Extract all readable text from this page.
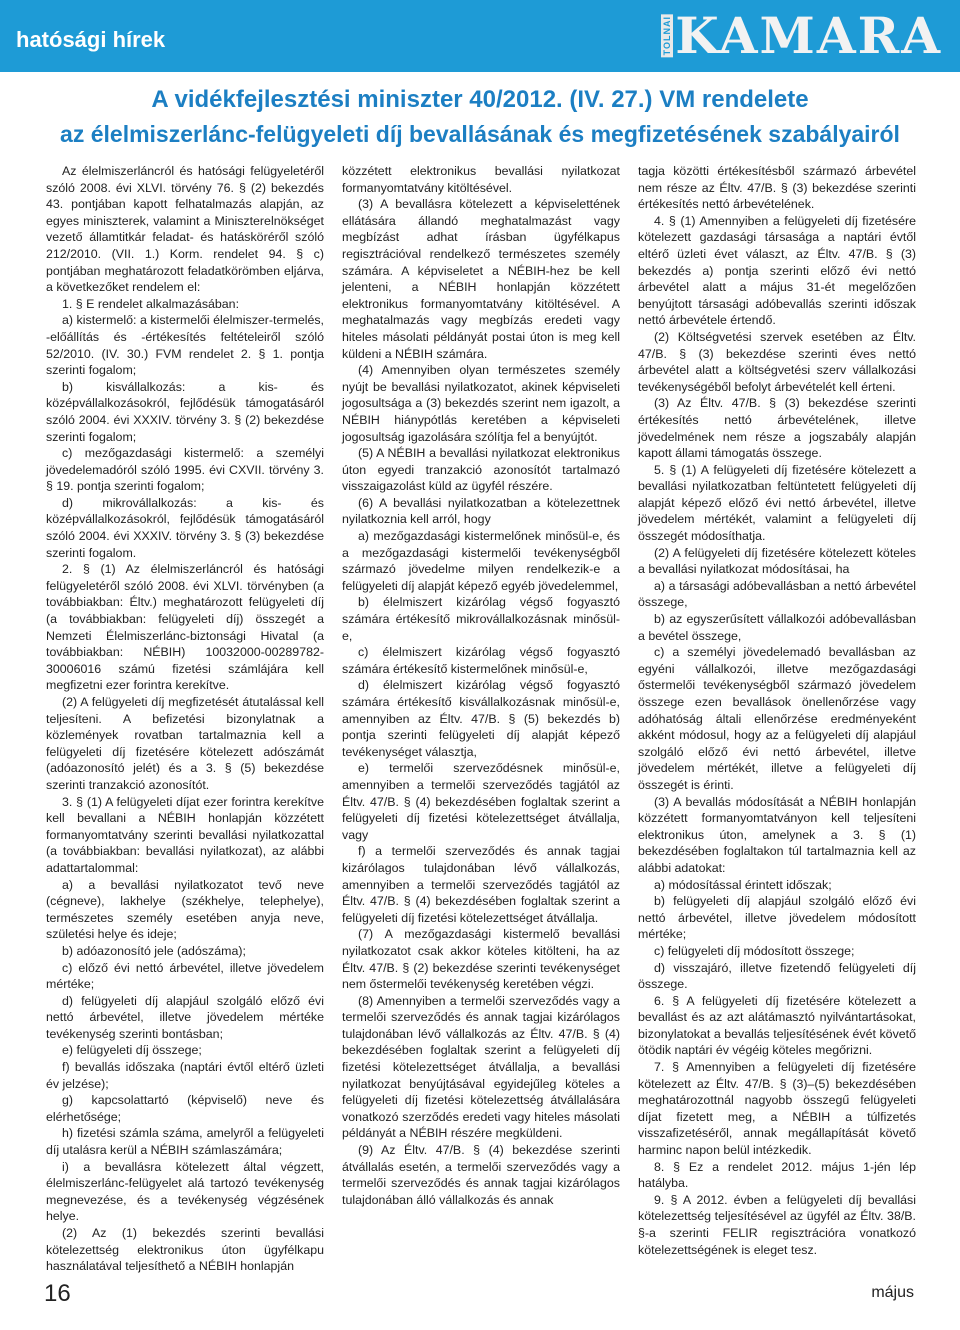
hatósági hírek	TOLNAI KAMARA
A vidékfejlesztési miniszter 40/2012. (IV. 27.) VM rendelete
az élelmiszerlánc-felügyeleti díj bevallásának és megfizetésének szabályairól

Az élelmiszerláncról és hatósági felügyeletéről szóló 2008. évi XLVI. törvény 76. § (2) bekezdés 43. pontjában kapott felhatalmazás alapján, az egyes miniszterek, valamint a Miniszterelnökséget vezető államtitkár feladat- és hatásköréről szóló 212/2010. (VII. 1.) Korm. rendelet 94. § c) pontjában meghatározott feladatkörömben eljárva, a következőket rendelem el:

1. § E rendelet alkalmazásában:

a) kistermelő: a kistermelői élelmiszer-termelés, -előállítás és -értékesítés feltételeiről szóló 52/2010. (IV. 30.) FVM rendelet 2. § 1. pontja szerinti fogalom;

b) kisvállalkozás: a kis- és középvállalkozásokról, fejlődésük támogatásáról szóló 2004. évi XXXIV. törvény 3. § (2) bekezdése szerinti fogalom;

c) mezőgazdasági kistermelő: a személyi jövedelemadóról szóló 1995. évi CXVII. törvény 3. § 19. pontja szerinti fogalom;

d) mikrovállalkozás: a kis- és középvállalkozásokról, fejlődésük támogatásáról szóló 2004. évi XXXIV. törvény 3. § (3) bekezdése szerinti fogalom.

2. § (1) Az élelmiszerláncról és hatósági felügyeletéről szóló 2008. évi XLVI. törvényben (a továbbiakban: Éltv.) meghatározott felügyeleti díj (a továbbiakban: felügyeleti díj) összegét a Nemzeti Élelmiszerlánc-biztonsági Hivatal (a továbbiakban: NÉBIH) 10032000-00289782-30006016 számú fizetési számlájára kell megfizetni ezer forintra kerekítve.

(2) A felügyeleti díj megfizetését átutalással kell teljesíteni. A befizetési bizonylatnak a közlemények rovatban tartalmaznia kell a felügyeleti díj fizetésére kötelezett adószámát (adóazonosító jelét) és a 3. § (5) bekezdése szerinti tranzakció azonosítót.

3. § (1) A felügyeleti díjat ezer forintra kerekítve kell bevallani a NÉBIH honlapján közzétett formanyomtatvány szerinti bevallási nyilatkozattal (a továbbiakban: bevallási nyilatkozat), az alábbi adattartalommal:

a) a bevallási nyilatkozatot tevő neve (cégneve), lakhelye (székhelye, telephelye), természetes személy esetében anyja neve, születési helye és ideje;

b) adóazonosító jele (adószáma);

c) előző évi nettó árbevétel, illetve jövedelem mértéke;

d) felügyeleti díj alapjául szolgáló előző évi nettó árbevétel, illetve jövedelem mértéke tevékenység szerinti bontásban;

e) felügyeleti díj összege;

f) bevallás időszaka (naptári évtől eltérő üzleti év jelzése);

g) kapcsolattartó (képviselő) neve és elérhetősége;

h) fizetési számla száma, amelyről a felügyeleti díj utalásra kerül a NÉBIH számlaszámára;

i) a bevallásra kötelezett által végzett, élelmiszerlánc-felügyelet alá tartozó tevékenység megnevezése, és a tevékenység végzésének helye.

(2) Az (1) bekezdés szerinti bevallási kötelezettség elektronikus úton ügyfélkapu használatával teljesíthető a NÉBIH honlapján

közzétett elektronikus bevallási nyilatkozat formanyomtatvány kitöltésével.

(3) A bevallásra kötelezett a képviselettének ellátására állandó meghatalmazást vagy megbízást adhat írásban ügyfélkapus regisztrációval rendelkező természetes személy számára. A képviseletet a NÉBIH-hez be kell jelenteni, a NÉBIH honlapján közzétett elektronikus formanyomtatvány kitöltésével. A meghatalmazás vagy megbízás eredeti vagy hiteles másolati példányát postai úton is meg kell küldeni a NÉBIH számára.

(4) Amennyiben olyan természetes személy nyújt be bevallási nyilatkozatot, akinek képviseleti jogosultsága a (3) bekezdés szerint nem igazolt, a NÉBIH hiánypótlás keretében a képviseleti jogosultság igazolására szólítja fel a benyújtót.

(5) A NÉBIH a bevallási nyilatkozat elektronikus úton egyedi tranzakció azonosítót tartalmazó visszaigazolást küld az ügyfél részére.

(6) A bevallási nyilatkozatban a kötelezettnek nyilatkoznia kell arról, hogy

a) mezőgazdasági kistermelőnek minősül-e, és a mezőgazdasági kistermelői tevékenységből származó jövedelme milyen rendelkezik-e a felügyeleti díj alapját képező egyéb jövedelemmel,

b) élelmiszert kizárólag végső fogyasztó számára értékesítő mikrovállalkozásnak minősül-e,

c) élelmiszert kizárólag végső fogyasztó számára értékesítő kistermelőnek minősül-e,

d) élelmiszert kizárólag végső fogyasztó számára értékesítő kisvállalkozásnak minősül-e, amennyiben az Éltv. 47/B. § (5) bekezdés b) pontja szerinti felügyeleti díj alapját képező tevékenységet választja,

e) termelői szerveződésnek minősül-e, amennyiben a termelői szerveződés tagjától az Éltv. 47/B. § (4) bekezdésében foglaltak szerint a felügyeleti díj fizetési kötelezettséget átvállalja, vagy

f) a termelői szerveződés és annak tagjai kizárólagos tulajdonában lévő vállalkozás, amennyiben a termelői szerveződés tagjától az Éltv. 47/B. § (4) bekezdésében foglaltak szerint a felügyeleti díj fizetési kötelezettséget átvállalja.

(7) A mezőgazdasági kistermelő bevallási nyilatkozatot csak akkor köteles kitölteni, ha az Éltv. 47/B. § (2) bekezdése szerinti tevékenységet nem őstermelői tevékenység keretében végzi.

(8) Amennyiben a termelői szerveződés vagy a termelői szerveződés és annak tagjai kizárólagos tulajdonában lévő vállalkozás az Éltv. 47/B. § (4) bekezdésében foglaltak szerint a felügyeleti díj fizetési kötelezettséget átvállalja, a bevallási nyilatkozat benyújtásával egyidejűleg köteles a felügyeleti díj fizetési kötelezettség átvállalására vonatkozó szerződés eredeti vagy hiteles másolati példányát a NÉBIH részére megküldeni.

(9) Az Éltv. 47/B. § (4) bekezdése szerinti átvállalás esetén, a termelői szerveződés vagy a termelői szerveződés és annak tagjai kizárólagos tulajdonában álló vállalkozás és annak

tagja közötti értékesítésből származó árbevétel nem része az Éltv. 47/B. § (3) bekezdése szerinti értékesítés nettó árbevételének.

4. § (1) Amennyiben a felügyeleti díj fizetésére kötelezett gazdasági társasága a naptári évtől eltérő üzleti évet választ, az Éltv. 47/B. § (3) bekezdés a) pontja szerinti előző évi nettó árbevétel alatt a május 31-ét megelőzően benyújtott társasági adóbevallás szerinti időszak nettó árbevétele értendő.

(2) Költségvetési szervek esetében az Éltv. 47/B. § (3) bekezdése szerinti éves nettó árbevétel alatt a költségvetési szerv vállalkozási tevékenységéből befolyt árbevételét kell érteni.

(3) Az Éltv. 47/B. § (3) bekezdése szerinti értékesítés nettó árbevételének, illetve jövedelmének nem része a jogszabály alapján kapott állami támogatás összege.

5. § (1) A felügyeleti díj fizetésére kötelezett a bevallási nyilatkozatban feltüntetett felügyeleti díj alapját képező előző évi nettó árbevétel, illetve jövedelem mértékét, valamint a felügyeleti díj összegét módosíthatja.

(2) A felügyeleti díj fizetésére kötelezett köteles a bevallási nyilatkozat módosításai, ha

a) a társasági adóbevallásban a nettó árbevétel összege,

b) az egyszerűsített vállalkozói adóbevallásban a bevétel összege,

c) a személyi jövedelemadó bevallásban az egyéni vállalkozói, illetve mezőgazdasági őstermelői tevékenységből származó jövedelem összege ezen bevallások önellenőrzése vagy adóhatóság általi ellenőrzése eredményeként akként módosul, hogy az a felügyeleti díj alapjául szolgáló előző évi nettó árbevétel, illetve jövedelem mértékét, illetve a felügyeleti díj összegét is érinti.

(3) A bevallás módosítását a NÉBIH honlapján közzétett formanyomtatványon kell teljesíteni elektronikus úton, amelynek a 3. § (1) bekezdésében foglaltakon túl tartalmaznia kell az alábbi adatokat:

a) módosítással érintett időszak;

b) felügyeleti díj alapjául szolgáló előző évi nettó árbevétel, illetve jövedelem módosított mértéke;

c) felügyeleti díj módosított összege;

d) visszajáró, illetve fizetendő felügyeleti díj összege.

6. § A felügyeleti díj fizetésére kötelezett a bevallást és az azt alátámasztó nyilvántartásokat, bizonylatokat a bevallás teljesítésének évét követő ötödik naptári év végéig köteles megőrizni.

7. § Amennyiben a felügyeleti díj fizetésére kötelezett az Éltv. 47/B. § (3)–(5) bekezdésében meghatározottnál nagyobb összegű felügyeleti díjat fizetett meg, a NÉBIH a túlfizetés visszafizetéséről, annak megállapítását követő harminc napon belül intézkedik.

8. § Ez a rendelet 2012. május 1-jén lép hatályba.

9. § A 2012. évben a felügyeleti díj bevallási kötelezettség teljesítésével az ügyfél az Éltv. 38/B. §-a szerinti FELIR regisztrációra vonatkozó kötelezettségének is eleget tesz.

16	május
